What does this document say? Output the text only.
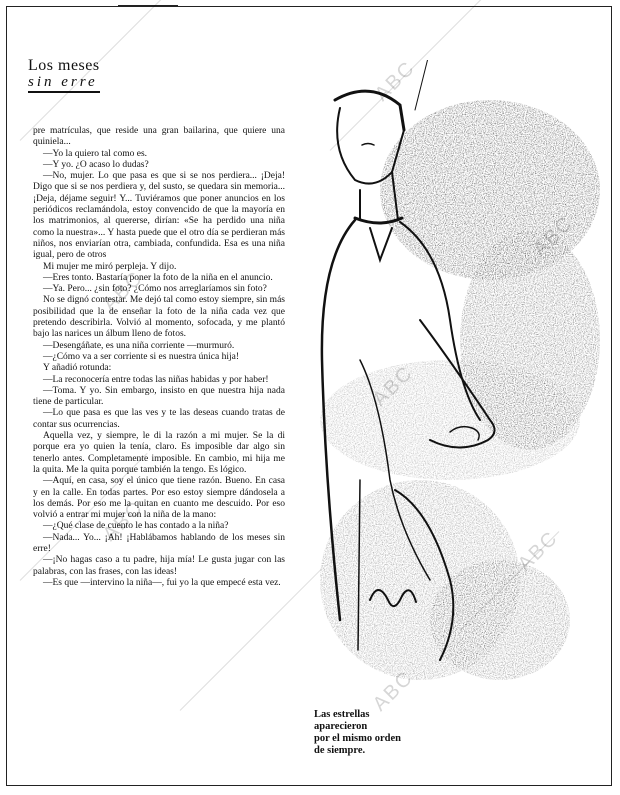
Los meses
sin erre

pre matrículas, que reside una gran bailarina, que quiere una quiniela...

—Yo la quiero tal como es.

—Y yo. ¿O acaso lo dudas?

—No, mujer. Lo que pasa es que si se nos perdiera... ¡Deja! Digo que si se nos perdiera y, del susto, se quedara sin memoria... ¡Deja, déjame seguir! Y... Tuviéramos que poner anuncios en los periódicos reclamándola, estoy convencido de que la mayoría en los matrimonios, al quererse, dirían: «Se ha perdido una niña como la nuestra»... Y hasta puede que el otro día se perdieran más niños, nos enviarían otra, cambiada, confundida. Esa es una niña igual, pero de otros

Mi mujer me miró perpleja. Y dijo.

—Eres tonto. Bastaría poner la foto de la niña en el anuncio.

—Ya. Pero... ¿sin foto? ¿Cómo nos arreglaríamos sin foto?

No se dignó contestar. Me dejó tal como estoy siempre, sin más posibilidad que la de enseñar la foto de la niña cada vez que pretendo describirla. Volvió al momento, sofocada, y me plantó bajo las narices un álbum lleno de fotos.

—Desengáñate, es una niña corriente —murmuró.

—¿Cómo va a ser corriente si es nuestra única hija!

Y añadió rotunda:

—La reconocería entre todas las niñas habidas y por haber!

—Toma. Y yo. Sin embargo, insisto en que nuestra hija nada tiene de particular.

—Lo que pasa es que las ves y te las deseas cuando tratas de contar sus ocurrencias.

Aquella vez, y siempre, le di la razón a mi mujer. Se la di porque era yo quien la tenía, claro. Es imposible dar algo sin tenerlo antes. Completamente imposible. En cambio, mi hija me la quita. Me la quita porque también la tengo. Es lógico.

—Aquí, en casa, soy el único que tiene razón. Bueno. En casa y en la calle. En todas partes. Por eso estoy siempre dándosela a los demás. Por eso me la quitan en cuanto me descuido. Por eso volvió a entrar mi mujer con la niña de la mano:

—¿Qué clase de cuento le has contado a la niña?

—Nada... Yo... ¡Ah! ¡Hablábamos hablando de los meses sin erre!

—¡No hagas caso a tu padre, hija mía! Le gusta jugar con las palabras, con las frases, con las ideas!

—Es que —intervino la niña—, fui yo la que empecé esta vez.

Las estrellas
aparecieron
por el mismo orden
de siempre.
ABC
ABC
ABC
ABC
ABC
ABC
